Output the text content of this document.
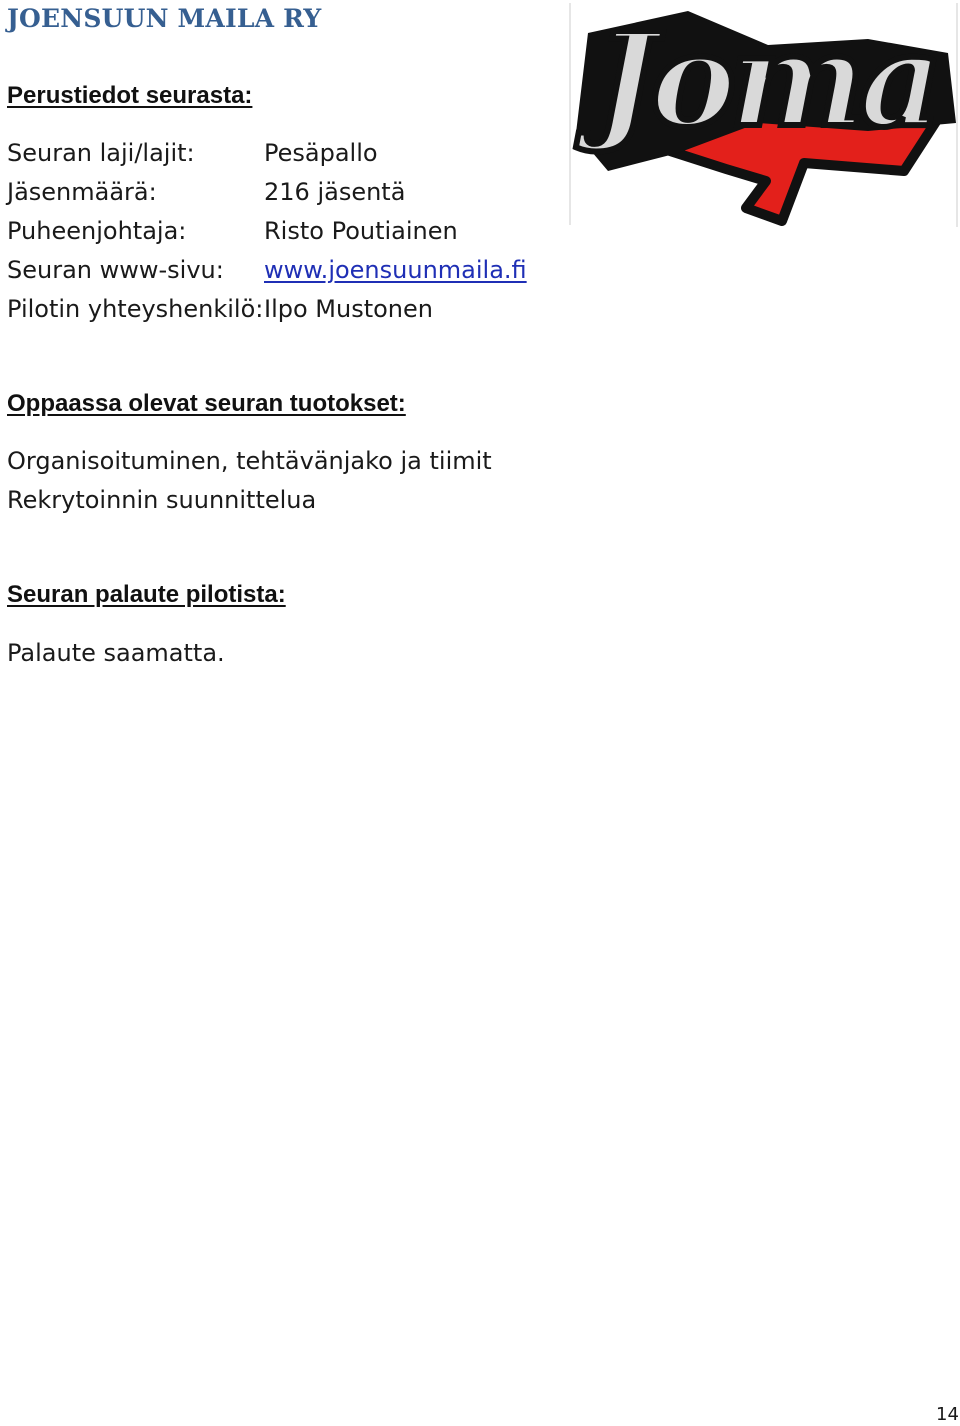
JOENSUUN MAILA RY
Perustiedot seurasta:
Seuran laji/lajit:	Pesäpallo
Jäsenmäärä:	216 jäsentä
Puheenjohtaja:	Risto Poutiainen
Seuran www-sivu: www.joensuunmaila.fi
Pilotin yhteyshenkilö: Ilpo Mustonen
Joma
Oppaassa olevat seuran tuotokset:
Organisoituminen, tehtävänjako ja tiimit
Rekrytoinnin suunnittelua
Seuran palaute pilotista:
Palaute saamatta.
14
